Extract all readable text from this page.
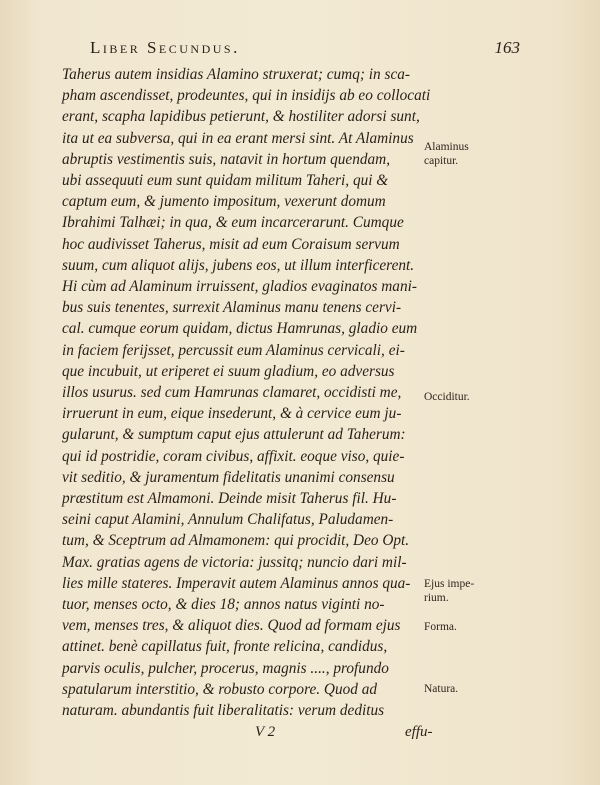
Liber Secundus.	163
Taherus autem insidias Alamino struxerat; cumq; in sca-
pham ascendisset, prodeuntes, qui in insidijs ab eo collocati
erant, scapha lapidibus petierunt, & hostiliter adorsi sunt,
ita ut ea subversa, qui in ea erant mersi sint. At Alaminus
abruptis vestimentis suis, natavit in hortum quendam,
ubi assequuti eum sunt quidam militum Taheri, qui &
captum eum, & jumento impositum, vexerunt domum
Ibrahimi Talhæi; in qua, & eum incarcerarunt. Cumque
hoc audivisset Taherus, misit ad eum Coraisum servum
suum, cum aliquot alijs, jubens eos, ut illum interficerent.
Hi cùm ad Alaminum irruissent, gladios evaginatos mani-
bus suis tenentes, surrexit Alaminus manu tenens cervi-
cal. cumque eorum quidam, dictus Hamrunas, gladio eum
in faciem ferijsset, percussit eum Alaminus cervicali, ei-
que incubuit, ut eriperet ei suum gladium, eo adversus
illos usurus. sed cum Hamrunas clamaret, occidisti me,
irruerunt in eum, eique insederunt, & à cervice eum ju-
gularunt, & sumptum caput ejus attulerunt ad Taherum:
qui id postridie, coram civibus, affixit. eoque viso, quie-
vit seditio, & juramentum fidelitatis unanimi consensu
præstitum est Almamoni. Deinde misit Taherus fil. Hu-
seini caput Alamini, Annulum Chalifatus, Paludamen-
tum, & Sceptrum ad Almamonem: qui procidit, Deo Opt.
Max. gratias agens de victoria: jussitq; nuncio dari mil-
lies mille stateres. Imperavit autem Alaminus annos qua-
tuor, menses octo, & dies 18; annos natus viginti no-
vem, menses tres, & aliquot dies. Quod ad formam ejus
attinet. benè capillatus fuit, fronte relicina, candidus,
parvis oculis, pulcher, procerus, magnis ...., profundo
spatularum interstitio, & robusto corpore. Quod ad
naturam. abundantis fuit liberalitatis: verum deditus
Alaminus
capitur.
Occiditur.
Ejus impe-
rium.
Forma.
Natura.
V 2	effu-
